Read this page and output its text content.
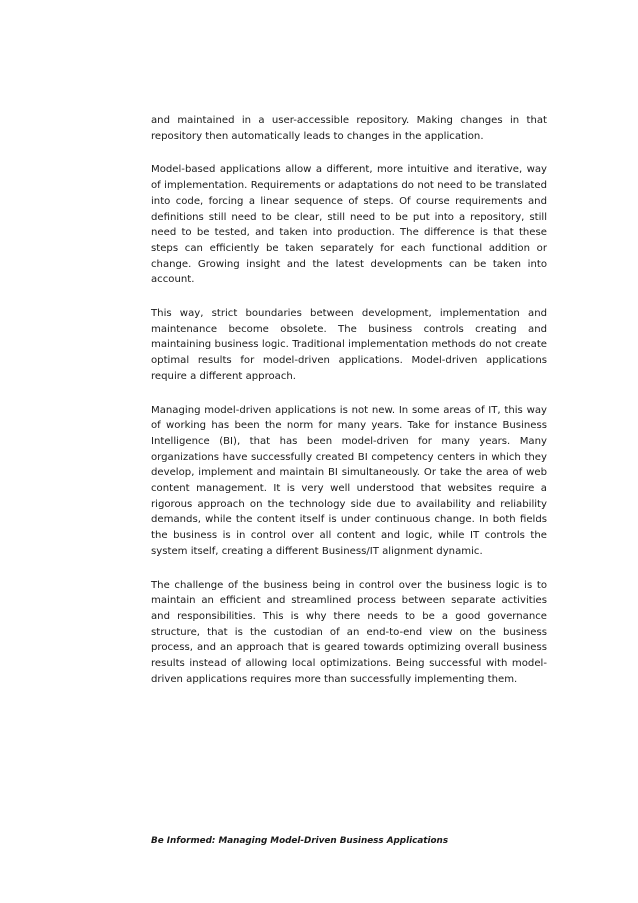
and maintained in a user-accessible repository. Making changes in that repository then automatically leads to changes in the application.

Model-based applications allow a different, more intuitive and iterative, way of implementation. Requirements or adaptations do not need to be translated into code, forcing a linear sequence of steps. Of course requirements and definitions still need to be clear, still need to be put into a repository, still need to be tested, and taken into production. The difference is that these steps can efficiently be taken separately for each functional addition or change. Growing insight and the latest developments can be taken into account.

This way, strict boundaries between development, implementation and maintenance become obsolete. The business controls creating and maintaining business logic. Traditional implementation methods do not create optimal results for model-driven applications. Model-driven applications require a different approach.

Managing model-driven applications is not new. In some areas of IT, this way of working has been the norm for many years. Take for instance Business Intelligence (BI), that has been model-driven for many years. Many organizations have successfully created BI competency centers in which they develop, implement and maintain BI simultaneously. Or take the area of web content management. It is very well understood that websites require a rigorous approach on the technology side due to availability and reliability demands, while the content itself is under continuous change. In both fields the business is in control over all content and logic, while IT controls the system itself, creating a different Business/IT alignment dynamic.

The challenge of the business being in control over the business logic is to maintain an efficient and streamlined process between separate activities and responsibilities. This is why there needs to be a good governance structure, that is the custodian of an end-to-end view on the business process, and an approach that is geared towards optimizing overall business results instead of allowing local optimizations. Being successful with model-driven applications requires more than successfully implementing them.

Be Informed: Managing Model-Driven Business Applications
